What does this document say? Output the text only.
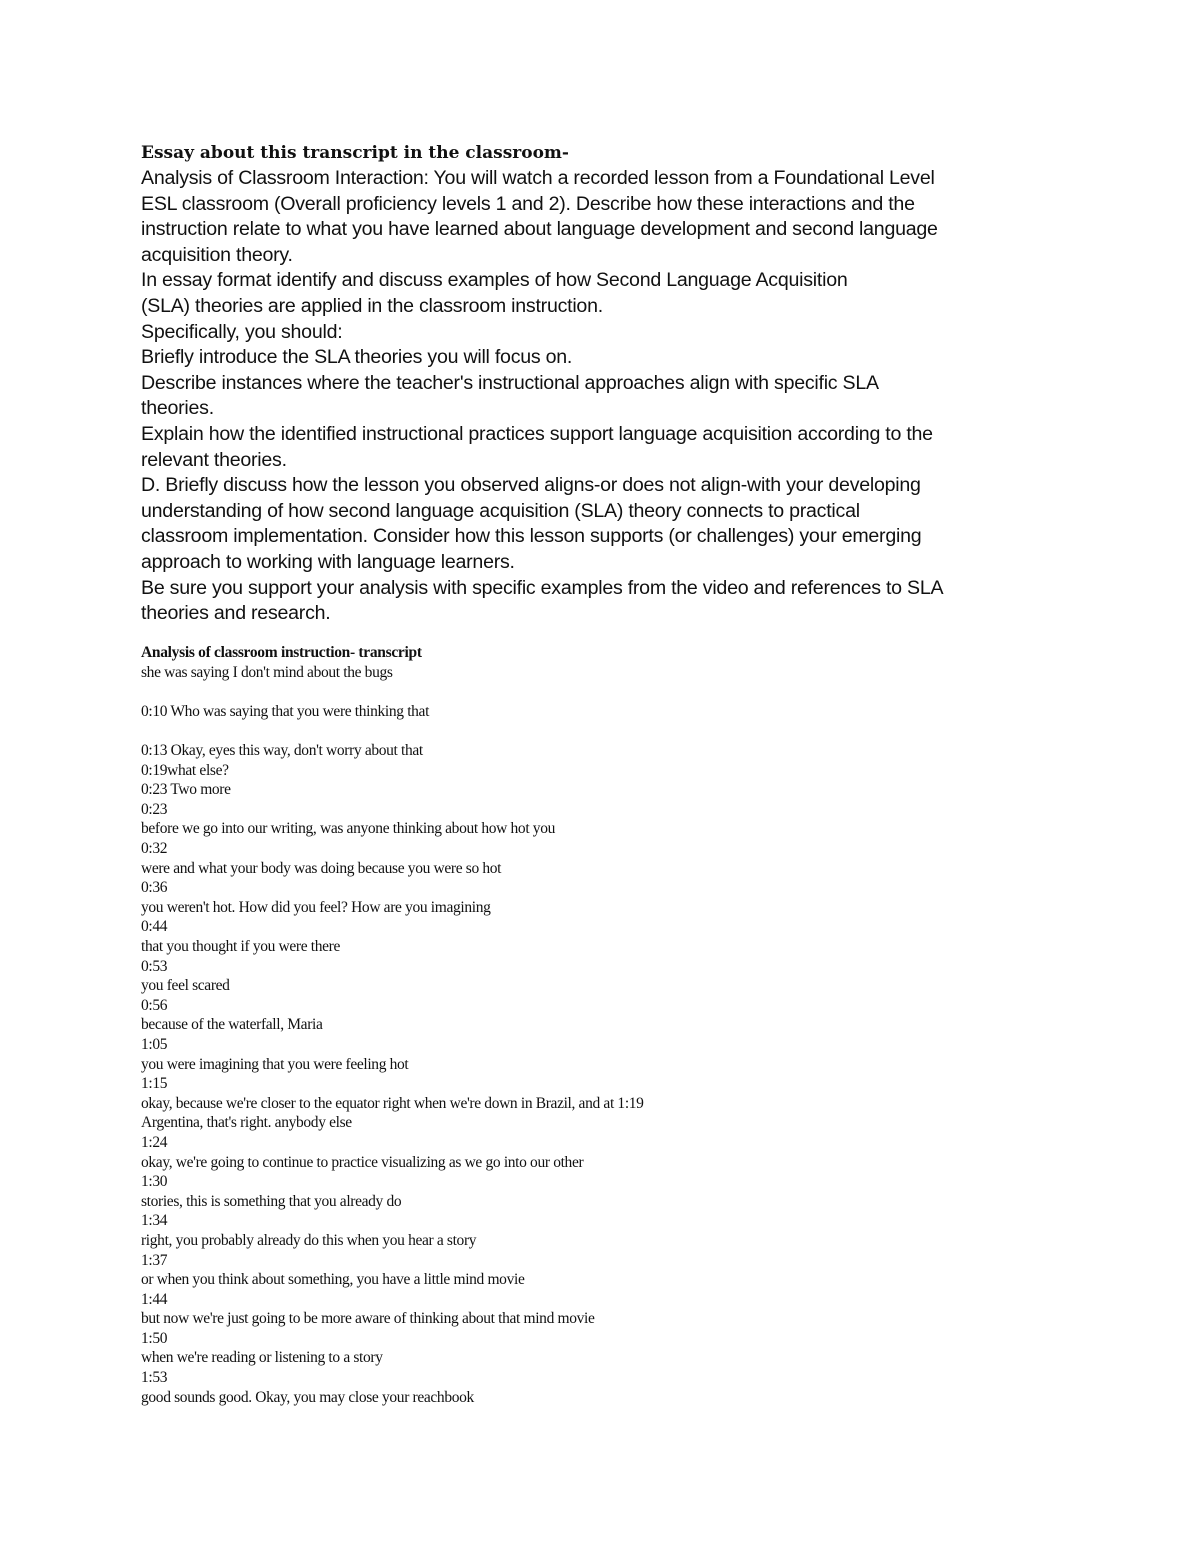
Essay about this transcript in the classroom-

Analysis of Classroom Interaction: You will watch a recorded lesson from a Foundational Level

ESL classroom (Overall proficiency levels 1 and 2). Describe how these interactions and the

instruction relate to what you have learned about language development and second language

acquisition theory.

In essay format identify and discuss examples of how Second Language Acquisition

(SLA) theories are applied in the classroom instruction.

Specifically, you should:

Briefly introduce the SLA theories you will focus on.

Describe instances where the teacher's instructional approaches align with specific SLA

theories.

Explain how the identified instructional practices support language acquisition according to the

relevant theories.

D. Briefly discuss how the lesson you observed aligns-or does not align-with your developing

understanding of how second language acquisition (SLA) theory connects to practical

classroom implementation. Consider how this lesson supports (or challenges) your emerging

approach to working with language learners.

Be sure you support your analysis with specific examples from the video and references to SLA

theories and research.

Analysis of classroom instruction- transcript

she was saying I don't mind about the bugs

0:10 Who was saying that you were thinking that

0:13 Okay, eyes this way, don't worry about that

0:19what else?

0:23 Two more

0:23

before we go into our writing, was anyone thinking about how hot you

0:32

were and what your body was doing because you were so hot

0:36

you weren't hot. How did you feel? How are you imagining

0:44

that you thought if you were there

0:53

you feel scared

0:56

because of the waterfall, Maria

1:05

you were imagining that you were feeling hot

1:15

okay, because we're closer to the equator right when we're down in Brazil, and at 1:19

Argentina, that's right. anybody else

1:24

okay, we're going to continue to practice visualizing as we go into our other

1:30

stories, this is something that you already do

1:34

right, you probably already do this when you hear a story

1:37

or when you think about something, you have a little mind movie

1:44

but now we're just going to be more aware of thinking about that mind movie

1:50

when we're reading or listening to a story

1:53

good sounds good. Okay, you may close your reachbook
